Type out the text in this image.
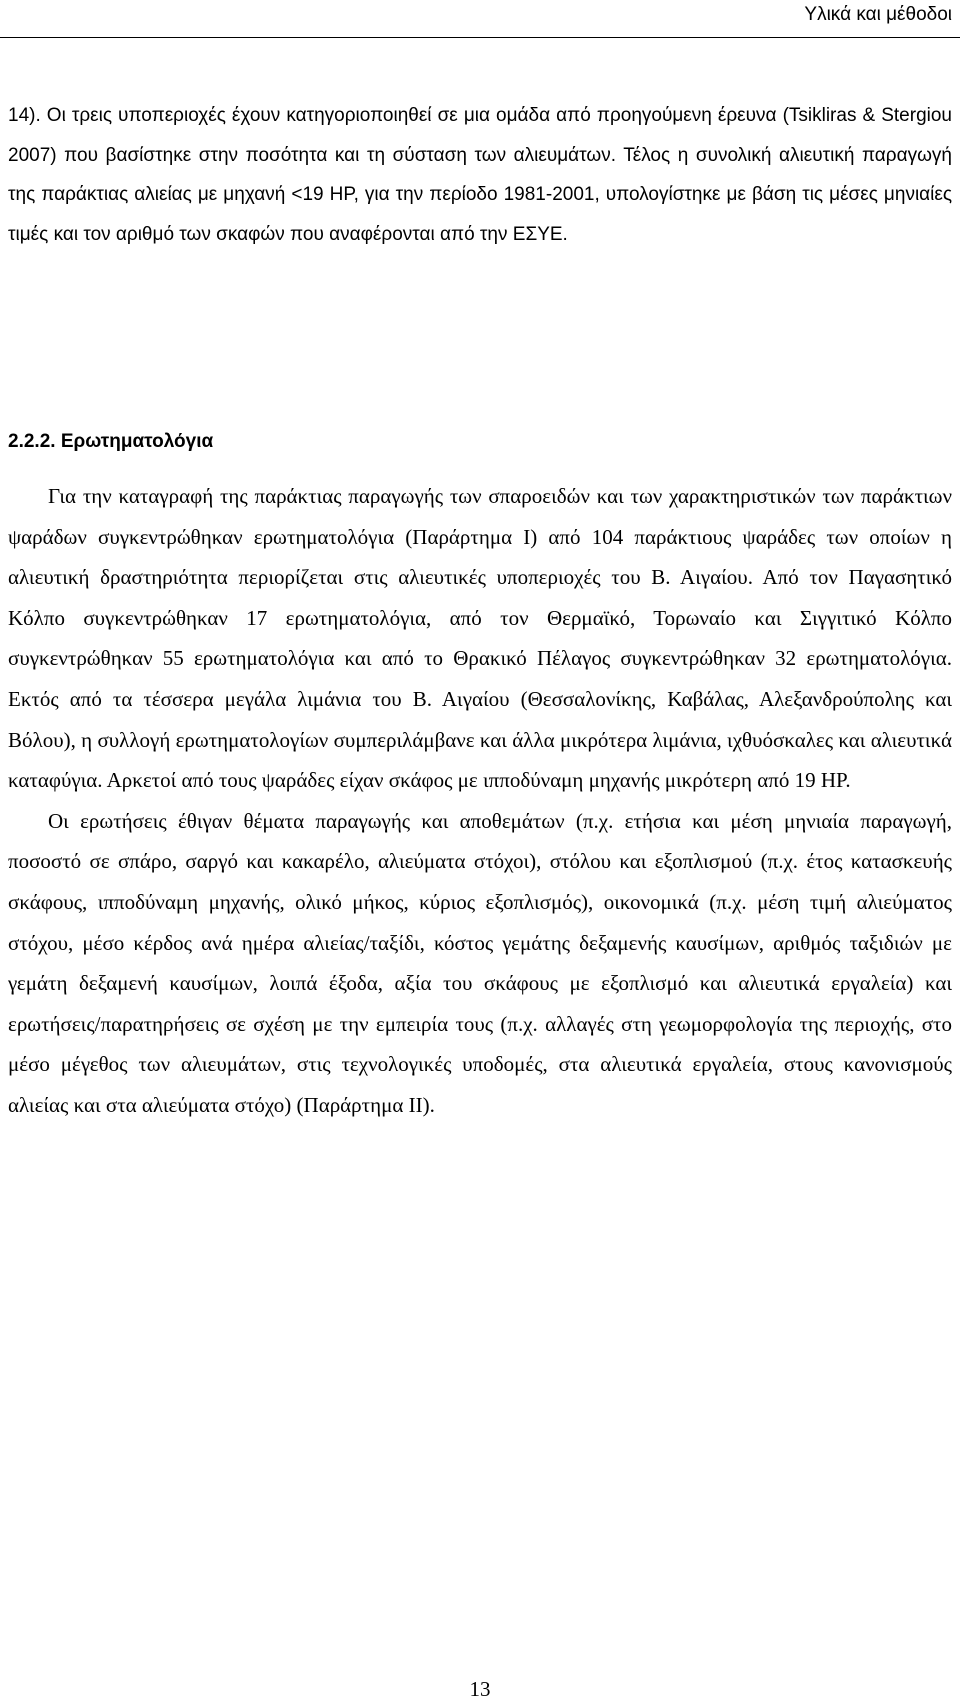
Υλικά και μέθοδοι
14). Οι τρεις υποπεριοχές έχουν κατηγοριοποιηθεί σε μια ομάδα από προηγούμενη έρευνα (Tsikliras & Stergiou 2007) που βασίστηκε στην ποσότητα και τη σύσταση των αλιευμάτων. Τέλος η συνολική αλιευτική παραγωγή της παράκτιας αλιείας με μηχανή <19 HP, για την περίοδο 1981-2001, υπολογίστηκε με βάση τις μέσες μηνιαίες τιμές και τον αριθμό των σκαφών που αναφέρονται από την ΕΣΥΕ.
2.2.2. Ερωτηματολόγια

Για την καταγραφή της παράκτιας παραγωγής των σπαροειδών και των χαρακτηριστικών των παράκτιων ψαράδων συγκεντρώθηκαν ερωτηματολόγια (Παράρτημα Ι) από 104 παράκτιους ψαράδες των οποίων η αλιευτική δραστηριότητα περιορίζεται στις αλιευτικές υποπεριοχές του Β. Αιγαίου. Από τον Παγασητικό Κόλπο συγκεντρώθηκαν 17 ερωτηματολόγια, από τον Θερμαϊκό, Τορωναίο και Σιγγιτικό Κόλπο συγκεντρώθηκαν 55 ερωτηματολόγια και από το Θρακικό Πέλαγος συγκεντρώθηκαν 32 ερωτηματολόγια. Εκτός από τα τέσσερα μεγάλα λιμάνια του Β. Αιγαίου (Θεσσαλονίκης, Καβάλας, Αλεξανδρούπολης και Βόλου), η συλλογή ερωτηματολογίων συμπεριλάμβανε και άλλα μικρότερα λιμάνια, ιχθυόσκαλες και αλιευτικά καταφύγια. Αρκετοί από τους ψαράδες είχαν σκάφος με ιπποδύναμη μηχανής μικρότερη από 19 HP.

Οι ερωτήσεις έθιγαν θέματα παραγωγής και αποθεμάτων (π.χ. ετήσια και μέση μηνιαία παραγωγή, ποσοστό σε σπάρο, σαργό και κακαρέλο, αλιεύματα στόχοι), στόλου και εξοπλισμού (π.χ. έτος κατασκευής σκάφους, ιπποδύναμη μηχανής, ολικό μήκος, κύριος εξοπλισμός), οικονομικά (π.χ. μέση τιμή αλιεύματος στόχου, μέσο κέρδος ανά ημέρα αλιείας/ταξίδι, κόστος γεμάτης δεξαμενής καυσίμων, αριθμός ταξιδιών με γεμάτη δεξαμενή καυσίμων, λοιπά έξοδα, αξία του σκάφους με εξοπλισμό και αλιευτικά εργαλεία) και ερωτήσεις/παρατηρήσεις σε σχέση με την εμπειρία τους (π.χ. αλλαγές στη γεωμορφολογία της περιοχής, στο μέσο μέγεθος των αλιευμάτων, στις τεχνολογικές υποδομές, στα αλιευτικά εργαλεία, στους κανονισμούς αλιείας και στα αλιεύματα στόχο) (Παράρτημα ΙΙ).

13
